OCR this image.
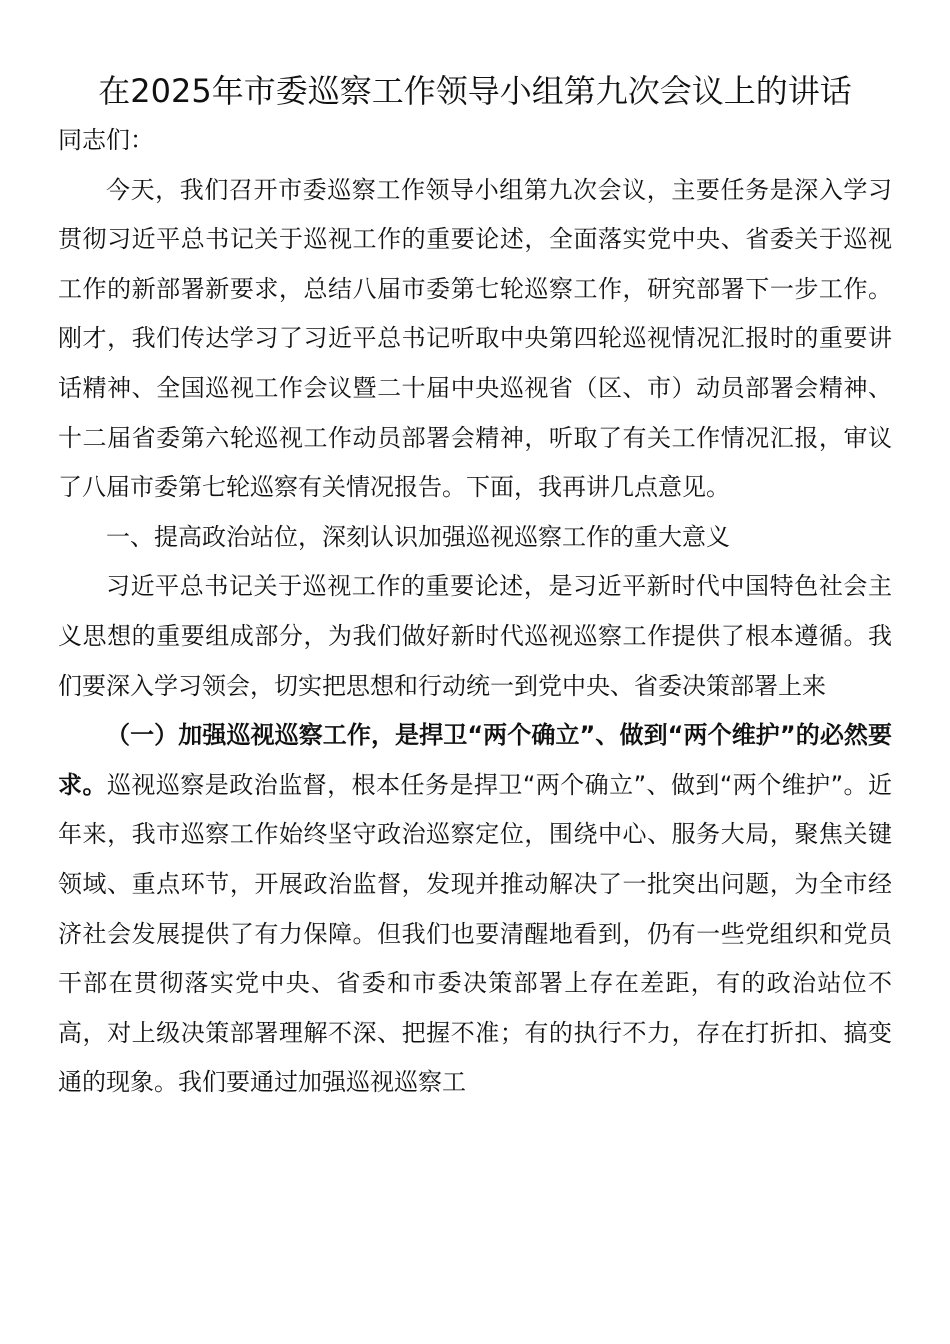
在2025年市委巡察工作领导小组第九次会议上的讲话

同志们：

今天，我们召开市委巡察工作领导小组第九次会议，主要任务是深入学习贯彻习近平总书记关于巡视工作的重要论述，全面落实党中央、省委关于巡视工作的新部署新要求，总结八届市委第七轮巡察工作，研究部署下一步工作。刚才，我们传达学习了习近平总书记听取中央第四轮巡视情况汇报时的重要讲话精神、全国巡视工作会议暨二十届中央巡视省（区、市）动员部署会精神、十二届省委第六轮巡视工作动员部署会精神，听取了有关工作情况汇报，审议了八届市委第七轮巡察有关情况报告。下面，我再讲几点意见。

一、提高政治站位，深刻认识加强巡视巡察工作的重大意义

习近平总书记关于巡视工作的重要论述，是习近平新时代中国特色社会主义思想的重要组成部分，为我们做好新时代巡视巡察工作提供了根本遵循。我们要深入学习领会，切实把思想和行动统一到党中央、省委决策部署上来

（一）加强巡视巡察工作，是捍卫“两个确立”、做到“两个维护”的必然要求。巡视巡察是政治监督，根本任务是捍卫“两个确立”、做到“两个维护”。近年来，我市巡察工作始终坚守政治巡察定位，围绕中心、服务大局，聚焦关键领域、重点环节，开展政治监督，发现并推动解决了一批突出问题，为全市经济社会发展提供了有力保障。但我们也要清醒地看到，仍有一些党组织和党员干部在贯彻落实党中央、省委和市委决策部署上存在差距，有的政治站位不高，对上级决策部署理解不深、把握不准；有的执行不力，存在打折扣、搞变通的现象。我们要通过加强巡视巡察工
